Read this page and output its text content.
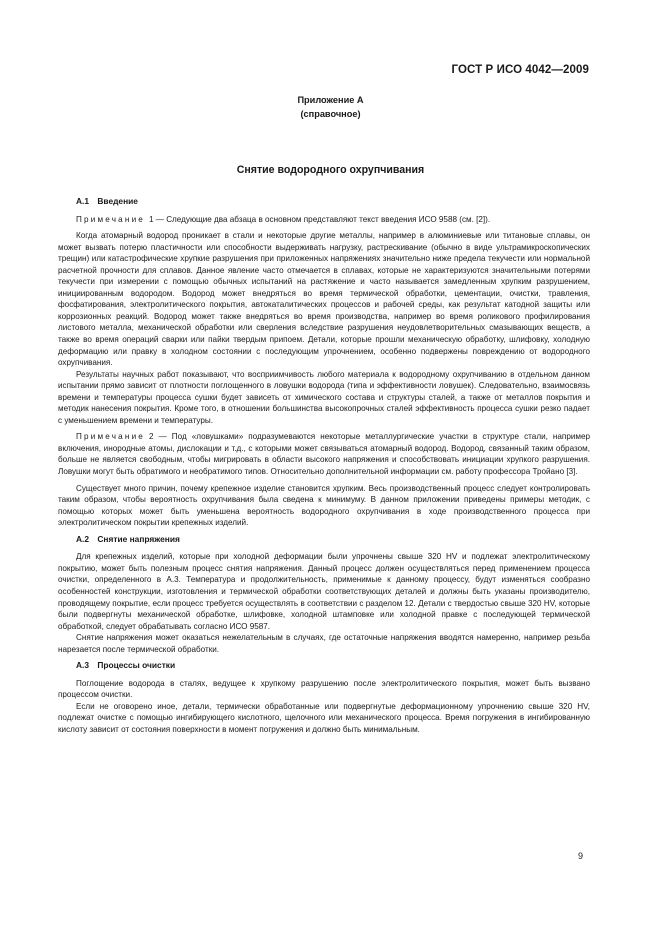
ГОСТ Р ИСО 4042—2009
Приложение А
(справочное)
Снятие водородного охрупчивания
А.1 Введение

Примечание 1 — Следующие два абзаца в основном представляют текст введения ИСО 9588 (см. [2]).

Когда атомарный водород проникает в стали и некоторые другие металлы, например в алюминиевые или титановые сплавы, он может вызвать потерю пластичности или способности выдерживать нагрузку, растрескивание (обычно в виде ультрамикроскопических трещин) или катастрофические хрупкие разрушения при приложенных напряжениях значительно ниже предела текучести или нормальной расчетной прочности для сплавов. Данное явление часто отмечается в сплавах, которые не характеризуются значительными потерями текучести при измерении с помощью обычных испытаний на растяжение и часто называется замедленным хрупким разрушением, инициированным водородом. Водород может внедряться во время термической обработки, цементации, очистки, травления, фосфатирования, электролитического покрытия, автокаталитических процессов и рабочей среды, как результат катодной защиты или коррозионных реакций. Водород может также внедряться во время производства, например во время роликового профилирования листового металла, механической обработки или сверления вследствие разрушения неудовлетворительных смазывающих веществ, а также во время операций сварки или пайки твердым припоем. Детали, которые прошли механическую обработку, шлифовку, холодную деформацию или правку в холодном состоянии с последующим упрочнением, особенно подвержены повреждению от водородного охрупчивания.

Результаты научных работ показывают, что восприимчивость любого материала к водородному охрупчиванию в отдельном данном испытании прямо зависит от плотности поглощенного в ловушки водорода (типа и эффективности ловушек). Следовательно, взаимосвязь времени и температуры процесса сушки будет зависеть от химического состава и структуры сталей, а также от металлов покрытия и методик нанесения покрытия. Кроме того, в отношении большинства высокопрочных сталей эффективность процесса сушки резко падает с уменьшением времени и температуры.

Примечание 2 — Под «ловушками» подразумеваются некоторые металлургические участки в структуре стали, например включения, инородные атомы, дислокации и т.д., с которыми может связываться атомарный водород. Водород, связанный таким образом, больше не является свободным, чтобы мигрировать в области высокого напряжения и способствовать инициации хрупкого разрушения. Ловушки могут быть обратимого и необратимого типов. Относительно дополнительной информации см. работу профессора Тройано [3].

Существует много причин, почему крепежное изделие становится хрупким. Весь производственный процесс следует контролировать таким образом, чтобы вероятность охрупчивания была сведена к минимуму. В данном приложении приведены примеры методик, с помощью которых может быть уменьшена вероятность водородного охрупчивания в ходе производственного процесса при электролитическом покрытии крепежных изделий.

А.2 Снятие напряжения

Для крепежных изделий, которые при холодной деформации были упрочнены свыше 320 HV и подлежат электролитическому покрытию, может быть полезным процесс снятия напряжения. Данный процесс должен осуществляться перед применением процесса очистки, определенного в А.3. Температура и продолжительность, применимые к данному процессу, будут изменяться сообразно особенностей конструкции, изготовления и термической обработки соответствующих деталей и должны быть указаны производителю, проводящему покрытие, если процесс требуется осуществлять в соответствии с разделом 12. Детали с твердостью свыше 320 HV, которые были подвергнуты механической обработке, шлифовке, холодной штамповке или холодной правке с последующей термической обработкой, следует обрабатывать согласно ИСО 9587.

Снятие напряжения может оказаться нежелательным в случаях, где остаточные напряжения вводятся намеренно, например резьба нарезается после термической обработки.

А.3 Процессы очистки

Поглощение водорода в сталях, ведущее к хрупкому разрушению после электролитического покрытия, может быть вызвано процессом очистки.

Если не оговорено иное, детали, термически обработанные или подвергнутые деформационному упрочнению свыше 320 HV, подлежат очистке с помощью ингибирующего кислотного, щелочного или механического процесса. Время погружения в ингибированную кислоту зависит от состояния поверхности в момент погружения и должно быть минимальным.

9
